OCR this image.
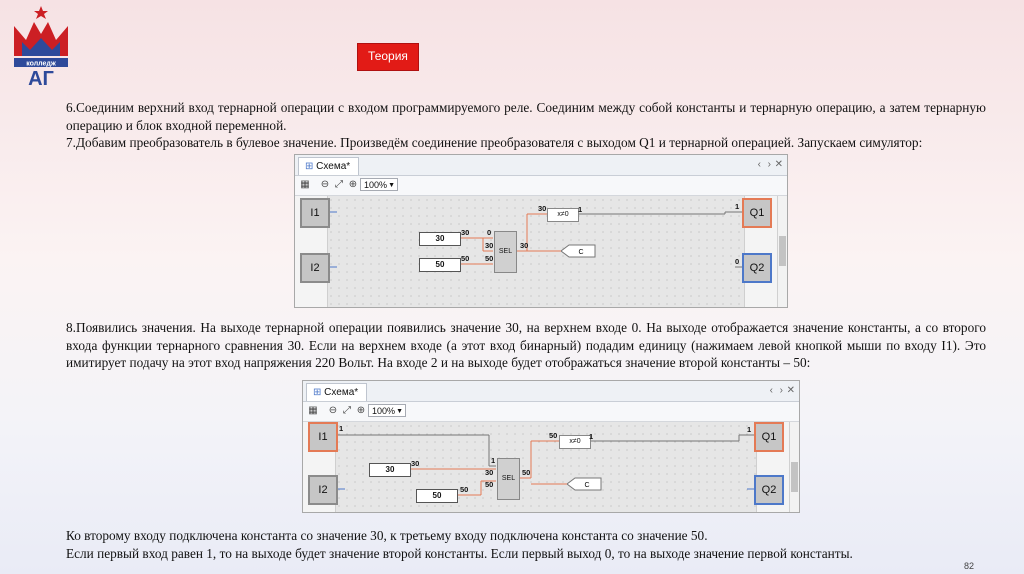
колледж
АГ
Теория

6.Соединим верхний вход тернарной операции с входом программируемого реле. Соединим между собой константы и тернарную операцию, а затем тернарную операцию и блок входной переменной.

7.Добавим преобразователь в булевое значение. Произведём соединение преобразователя с выходом Q1 и тернарной операцией. Запускаем симулятор:

⊞ Схема*	‹ › ✕
▦ ⊖ ⤢ ⊕ 100% ▼
I1
I2
Q1
Q2
30
50
SEL
x≠0
C
30
50
0
30
50
30
30	1	1
0

8.Появились значения. На выходе тернарной операции появились значение 30, на верхнем входе 0. На выходе отображается значение константы, а со второго входа функции тернарного сравнения 30. Если на верхнем входе (а этот вход бинарный) подадим единицу (нажимаем левой кнопкой мыши по входу I1). Это имитирует подачу на этот вход напряжения 220 Вольт. На входе 2 и на выходе будет отображаться значение второй константы – 50:

⊞ Схема*	‹ › ✕
▦ ⊖ ⤢ ⊕ 100% ▼
I1
I2
Q1
Q2
30
50
SEL
x≠0
C
1
30
50
1
30
50
50
50	1
1

Ко второму входу подключена константа со значение 30, к третьему входу подключена константа со значение 50.

Если первый вход равен 1, то на выходе будет значение второй константы. Если первый выход 0, то на выходе значение первой константы.

82
